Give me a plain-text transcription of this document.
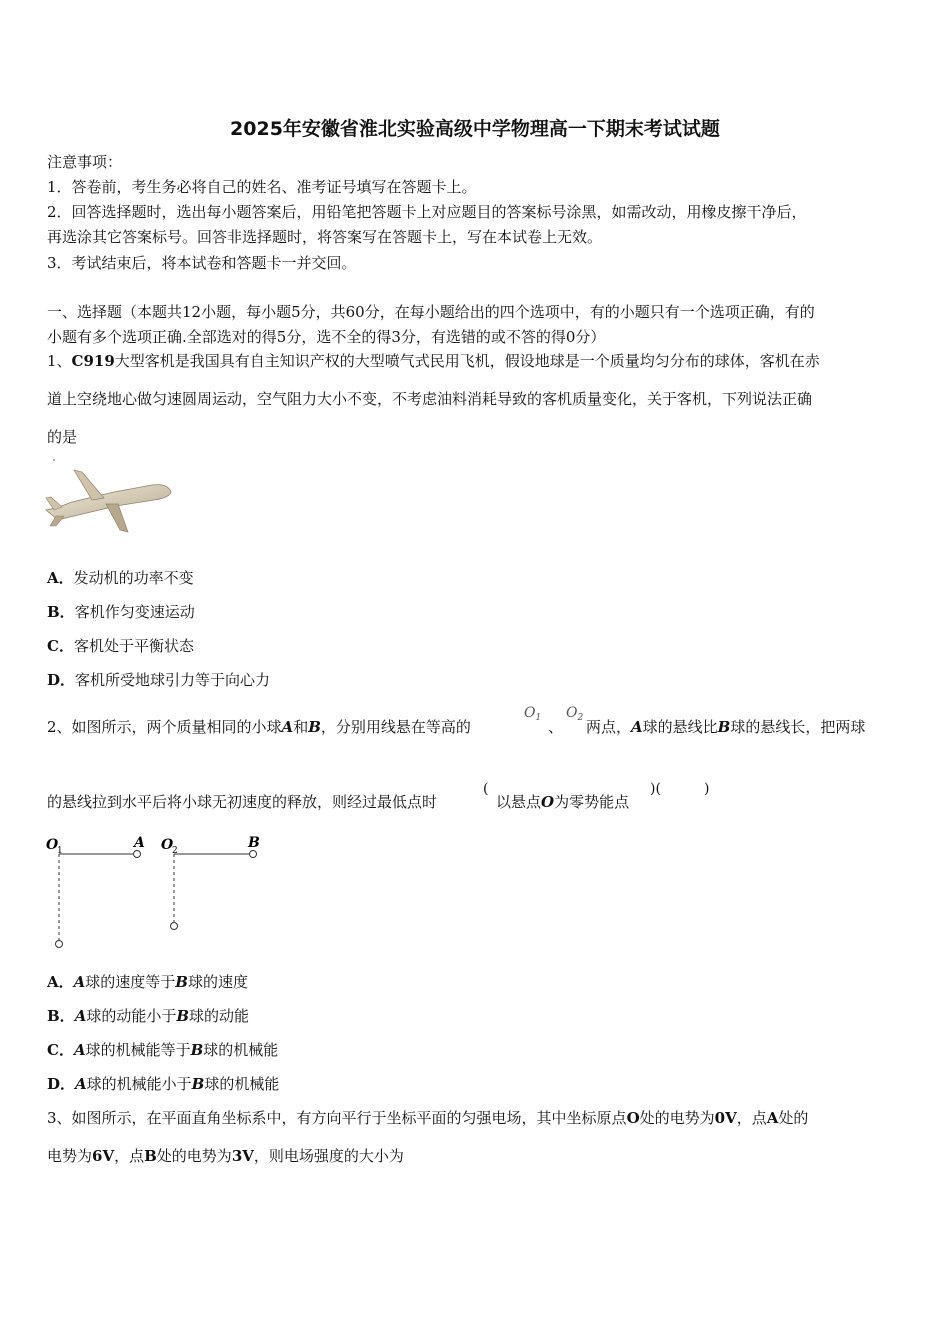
2025年安徽省淮北实验高级中学物理高一下期末考试试题
注意事项：
1．答卷前，考生务必将自己的姓名、准考证号填写在答题卡上。
2．回答选择题时，选出每小题答案后，用铅笔把答题卡上对应题目的答案标号涂黑，如需改动，用橡皮擦干净后，
再选涂其它答案标号。回答非选择题时，将答案写在答题卡上，写在本试卷上无效。
3．考试结束后，将本试卷和答题卡一并交回。
一、选择题（本题共12小题，每小题5分，共60分，在每小题给出的四个选项中，有的小题只有一个选项正确，有的
小题有多个选项正确.全部选对的得5分，选不全的得3分，有选错的或不答的得0分）
1、C919大型客机是我国具有自主知识产权的大型喷气式民用飞机，假设地球是一个质量均匀分布的球体，客机在赤
道上空绕地心做匀速圆周运动，空气阻力大小不变，不考虑油料消耗导致的客机质量变化，关于客机，下列说法正确
的是
A．发动机的功率不变
B．客机作匀变速运动
C．客机处于平衡状态
D．客机所受地球引力等于向心力
2、如图所示，两个质量相同的小球A和B，分别用线悬在等高的
$O_1$ 、
$O_2$ 两点，A球的悬线比B球的悬线长，把两球
的悬线拉到水平后将小球无初速度的释放，则经过最低点时
(
以悬点O为零势能点
)(	)
O
1	A O
2	B
A．A球的速度等于B球的速度
B．A球的动能小于B球的动能
C．A球的机械能等于B球的机械能
D．A球的机械能小于B球的机械能
3、如图所示，在平面直角坐标系中，有方向平行于坐标平面的匀强电场，其中坐标原点O处的电势为0V，点A处的
电势为6V，点B处的电势为3V，则电场强度的大小为
